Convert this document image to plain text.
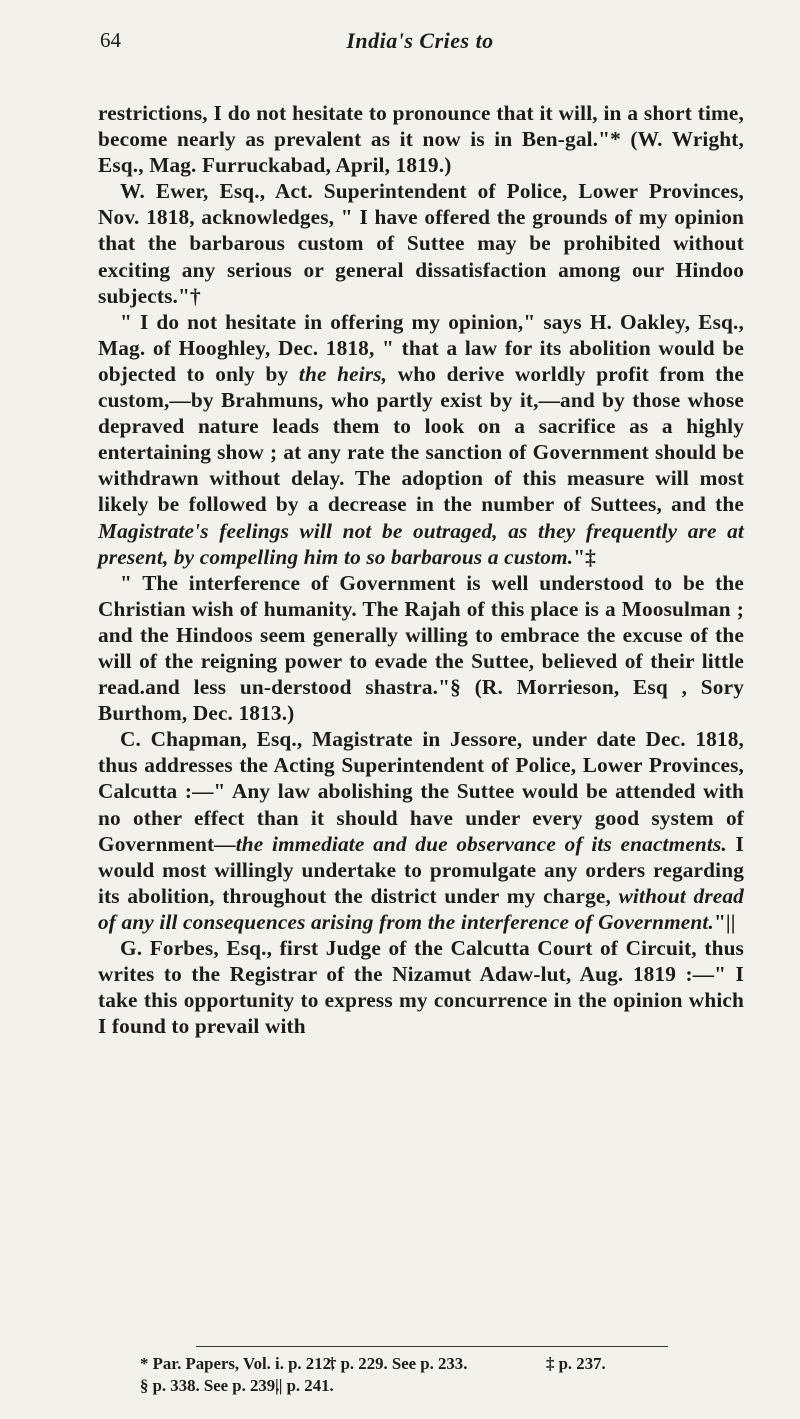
64	India's Cries to

restrictions, I do not hesitate to pronounce that it will, in a short time, become nearly as prevalent as it now is in Ben-gal."* (W. Wright, Esq., Mag. Furruckabad, April, 1819.)

W. Ewer, Esq., Act. Superintendent of Police, Lower Provinces, Nov. 1818, acknowledges, " I have offered the grounds of my opinion that the barbarous custom of Suttee may be prohibited without exciting any serious or general dissatisfaction among our Hindoo subjects."†

" I do not hesitate in offering my opinion," says H. Oakley, Esq., Mag. of Hooghley, Dec. 1818, " that a law for its abolition would be objected to only by the heirs, who derive worldly profit from the custom,—by Brahmuns, who partly exist by it,—and by those whose depraved nature leads them to look on a sacrifice as a highly entertaining show ; at any rate the sanction of Government should be withdrawn without delay. The adoption of this measure will most likely be followed by a decrease in the number of Suttees, and the Magistrate's feelings will not be outraged, as they frequently are at present, by compelling him to so barbarous a custom."‡

" The interference of Government is well understood to be the Christian wish of humanity. The Rajah of this place is a Moosulman ; and the Hindoos seem generally willing to embrace the excuse of the will of the reigning power to evade the Suttee, believed of their little read.and less un-derstood shastra."§ (R. Morrieson, Esq , Sory Burthom, Dec. 1813.)

C. Chapman, Esq., Magistrate in Jessore, under date Dec. 1818, thus addresses the Acting Superintendent of Police, Lower Provinces, Calcutta :—" Any law abolishing the Suttee would be attended with no other effect than it should have under every good system of Government—the immediate and due observance of its enactments. I would most willingly undertake to promulgate any orders regarding its abolition, throughout the district under my charge, without dread of any ill consequences arising from the interference of Government."||

G. Forbes, Esq., first Judge of the Calcutta Court of Circuit, thus writes to the Registrar of the Nizamut Adaw-lut, Aug. 1819 :—" I take this opportunity to express my concurrence in the opinion which I found to prevail with

* Par. Papers, Vol. i. p. 212.† p. 229. See p. 233.	‡ p. 237.
§ p. 338. See p. 239.|| p. 241.
